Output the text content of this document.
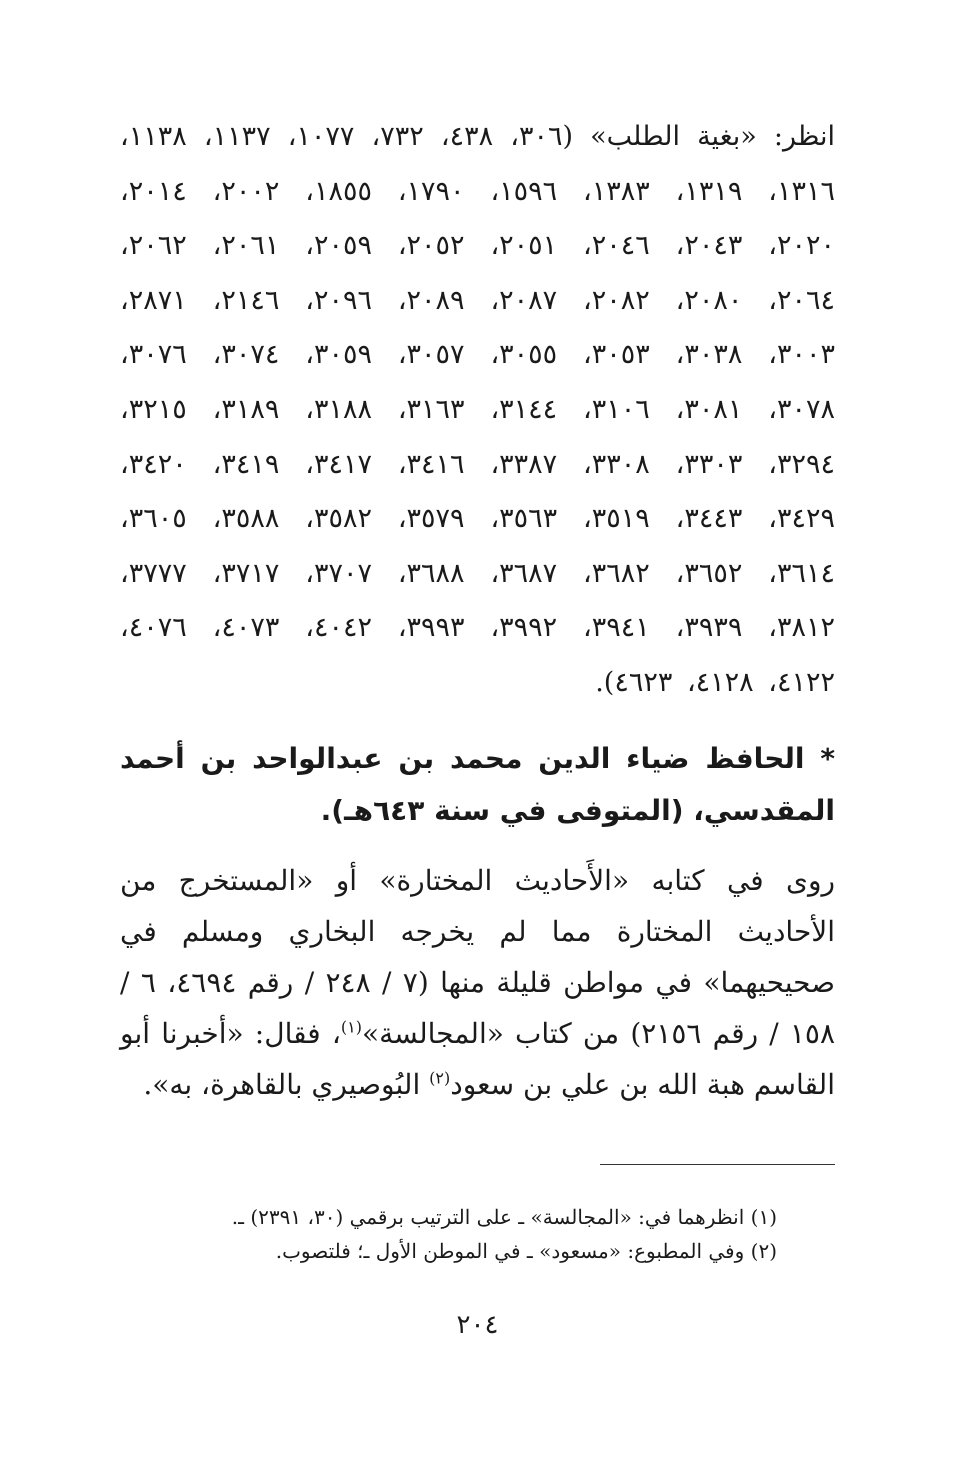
انظر: «بغية الطلب» (٣٠٦، ٤٣٨، ٧٣٢، ١٠٧٧، ١١٣٧، ١١٣٨، ١٣١٦، ١٣١٩، ١٣٨٣، ١٥٩٦، ١٧٩٠، ١٨٥٥، ٢٠٠٢، ٢٠١٤، ٢٠٢٠، ٢٠٤٣، ٢٠٤٦، ٢٠٥١، ٢٠٥٢، ٢٠٥٩، ٢٠٦١، ٢٠٦٢، ٢٠٦٤، ٢٠٨٠، ٢٠٨٢، ٢٠٨٧، ٢٠٨٩، ٢٠٩٦، ٢١٤٦، ٢٨٧١، ٣٠٠٣، ٣٠٣٨، ٣٠٥٣، ٣٠٥٥، ٣٠٥٧، ٣٠٥٩، ٣٠٧٤، ٣٠٧٦، ٣٠٧٨، ٣٠٨١، ٣١٠٦، ٣١٤٤، ٣١٦٣، ٣١٨٨، ٣١٨٩، ٣٢١٥، ٣٢٩٤، ٣٣٠٣، ٣٣٠٨، ٣٣٨٧، ٣٤١٦، ٣٤١٧، ٣٤١٩، ٣٤٢٠، ٣٤٢٩، ٣٤٤٣، ٣٥١٩، ٣٥٦٣، ٣٥٧٩، ٣٥٨٢، ٣٥٨٨، ٣٦٠٥، ٣٦١٤، ٣٦٥٢، ٣٦٨٢، ٣٦٨٧، ٣٦٨٨، ٣٧٠٧، ٣٧١٧، ٣٧٧٧، ٣٨١٢، ٣٩٣٩، ٣٩٤١، ٣٩٩٢، ٣٩٩٣، ٤٠٤٢، ٤٠٧٣، ٤٠٧٦، ٤١٢٢، ٤١٢٨، ٤٦٢٣).

* الحافظ ضياء الدين محمد بن عبدالواحد بن أحمد المقدسي، (المتوفى في سنة ٦٤٣هـ).

روى في كتابه «الأَحاديث المختارة» أو «المستخرج من الأحاديث المختارة مما لم يخرجه البخاري ومسلم في صحيحيهما» في مواطن قليلة منها (٧ / ٢٤٨ / رقم ٤٦٩٤، ٦ / ١٥٨ / رقم ٢١٥٦) من كتاب «المجالسة»$^{(١)}$، فقال: «أخبرنا أبو القاسم هبة الله بن علي بن سعود$^{(٢)}$ البُوصيري بالقاهرة، به».

(١) انظرهما في: «المجالسة» ـ على الترتيب برقمي (٣٠، ٢٣٩١) ـ.

(٢) وفي المطبوع: «مسعود» ـ في الموطن الأول ـ؛ فلتصوب.

٢٠٤
